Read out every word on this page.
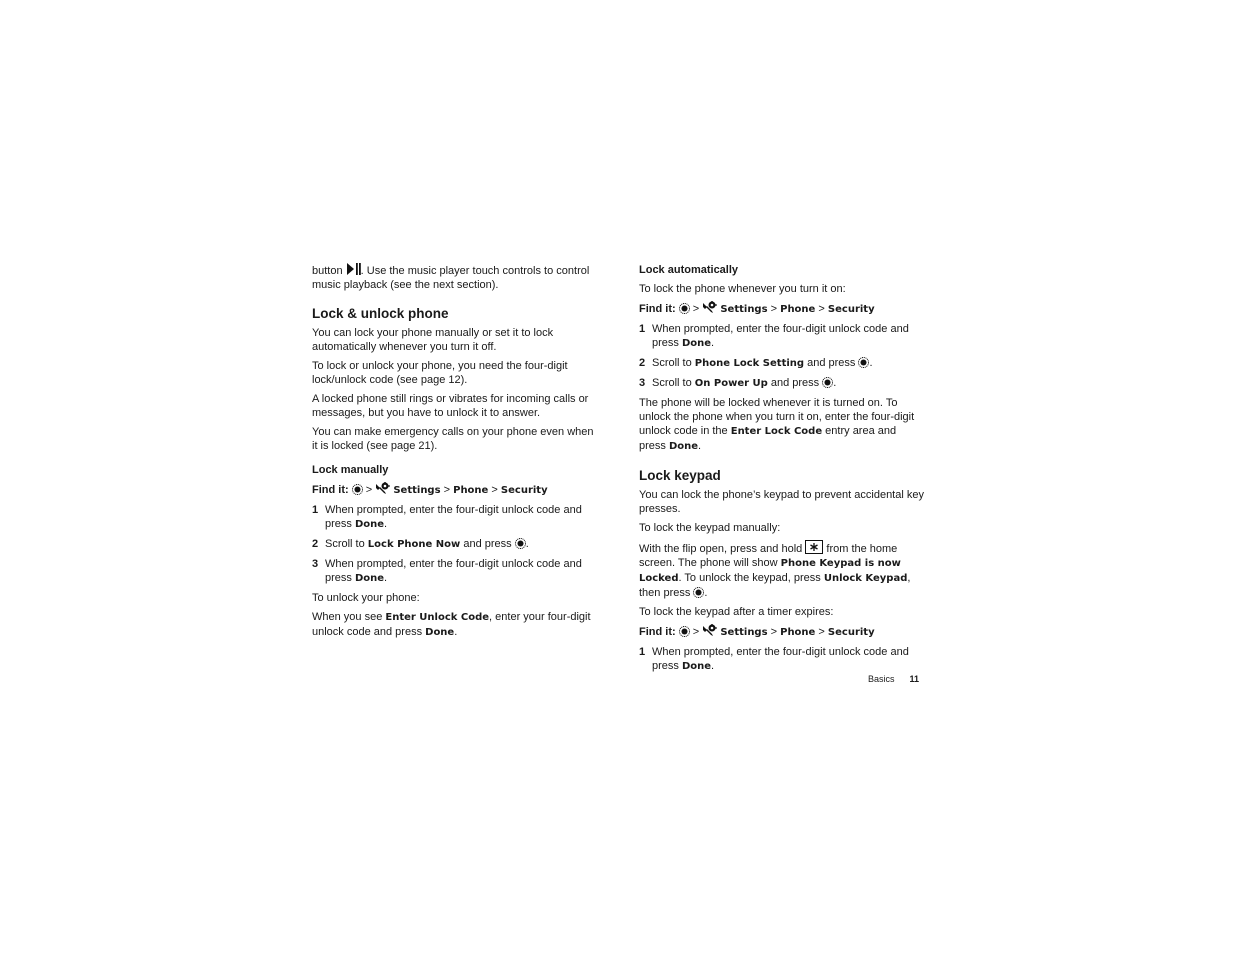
button . Use the music player touch controls to control music playback (see the next section).

Lock & unlock phone

You can lock your phone manually or set it to lock automatically whenever you turn it off.

To lock or unlock your phone, you need the four-digit lock/unlock code (see page 12).

A locked phone still rings or vibrates for incoming calls or messages, but you have to unlock it to answer.

You can make emergency calls on your phone even when it is locked (see page 21).

Lock manually
Find it: > Settings > Phone > Security
1 When prompted, enter the four-digit unlock code and press Done.
2 Scroll to Lock Phone Now and press .
3 When prompted, enter the four-digit unlock code and press Done.

To unlock your phone:

When you see Enter Unlock Code, enter your four-digit unlock code and press Done.

Lock automatically

To lock the phone whenever you turn it on:

Find it: > Settings > Phone > Security
1 When prompted, enter the four-digit unlock code and press Done.
2 Scroll to Phone Lock Setting and press .
3 Scroll to On Power Up and press .

The phone will be locked whenever it is turned on. To unlock the phone when you turn it on, enter the four-digit unlock code in the Enter Lock Code entry area and press Done.

Lock keypad

You can lock the phone’s keypad to prevent accidental key presses.

To lock the keypad manually:

With the flip open, press and hold  from the home screen. The phone will show Phone Keypad is now Locked. To unlock the keypad, press Unlock Keypad, then press .

To lock the keypad after a timer expires:

Find it: > Settings > Phone > Security
1 When prompted, enter the four-digit unlock code and press Done.
Basics 11
